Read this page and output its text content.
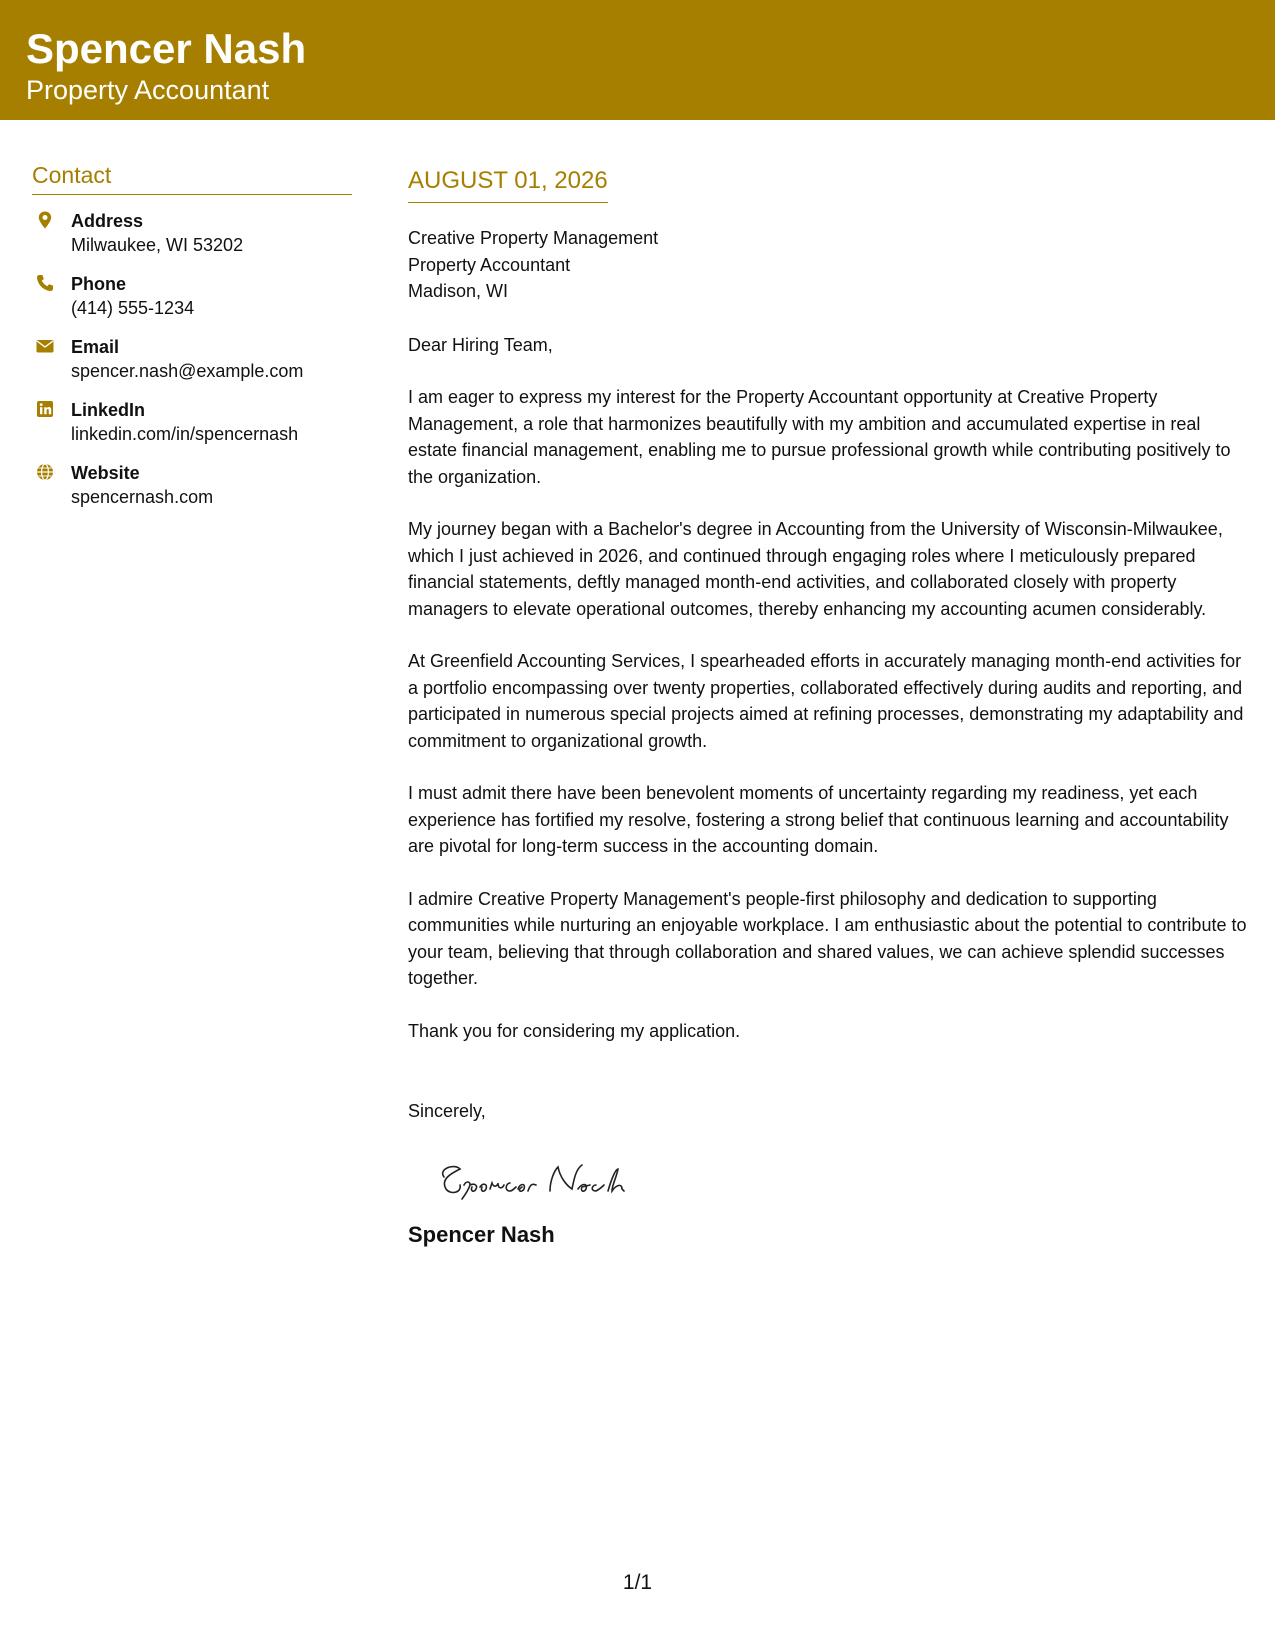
Spencer Nash
Property Accountant
Contact
Address
Milwaukee, WI 53202
Phone
(414) 555-1234
Email
spencer.nash@example.com
LinkedIn
linkedin.com/in/spencernash
Website
spencernash.com
AUGUST 01, 2026
Creative Property Management
Property Accountant
Madison, WI
Dear Hiring Team,

I am eager to express my interest for the Property Accountant opportunity at Creative Property Management, a role that harmonizes beautifully with my ambition and accumulated expertise in real estate financial management, enabling me to pursue professional growth while contributing positively to the organization.

My journey began with a Bachelor's degree in Accounting from the University of Wisconsin-Milwaukee, which I just achieved in 2026, and continued through engaging roles where I meticulously prepared financial statements, deftly managed month-end activities, and collaborated closely with property managers to elevate operational outcomes, thereby enhancing my accounting acumen considerably.

At Greenfield Accounting Services, I spearheaded efforts in accurately managing month-end activities for a portfolio encompassing over twenty properties, collaborated effectively during audits and reporting, and participated in numerous special projects aimed at refining processes, demonstrating my adaptability and commitment to organizational growth.

I must admit there have been benevolent moments of uncertainty regarding my readiness, yet each experience has fortified my resolve, fostering a strong belief that continuous learning and accountability are pivotal for long-term success in the accounting domain.

I admire Creative Property Management's people-first philosophy and dedication to supporting communities while nurturing an enjoyable workplace. I am enthusiastic about the potential to contribute to your team, believing that through collaboration and shared values, we can achieve splendid successes together.

Thank you for considering my application.
Sincerely,
Spencer Nash
1/1
